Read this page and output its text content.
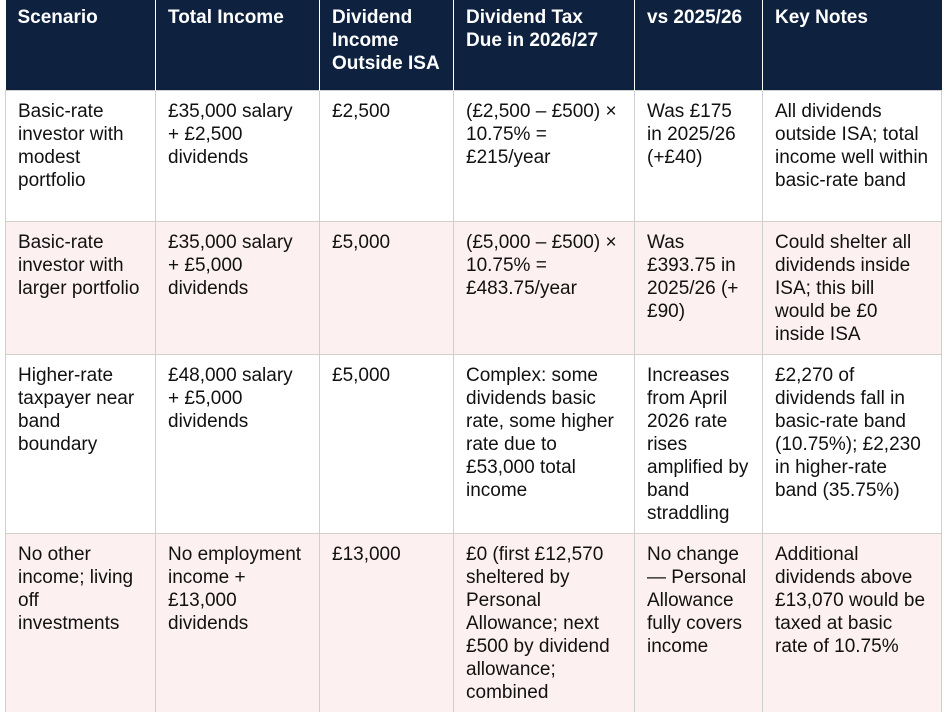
Scenario	Total Income	Dividend Income Outside ISA	Dividend Tax Due in 2026/27	vs 2025/26	Key Notes
Basic-rate investor with modest portfolio	£35,000 salary + £2,500 dividends	£2,500	(£2,500 – £500) × 10.75% = £215/year	Was £175 in 2025/26 (+£40)	All dividends outside ISA; total income well within basic-rate band
Basic-rate investor with larger portfolio	£35,000 salary + £5,000 dividends	£5,000	(£5,000 – £500) × 10.75% = £483.75/year	Was £393.75 in 2025/26 (+£90)	Could shelter all dividends inside ISA; this bill would be £0 inside ISA
Higher-rate taxpayer near band boundary	£48,000 salary + £5,000 dividends	£5,000	Complex: some dividends basic rate, some higher rate due to £53,000 total income	Increases from April 2026 rate rises amplified by band straddling	£2,270 of dividends fall in basic-rate band (10.75%); £2,230 in higher-rate band (35.75%)
No other income; living off investments	No employment income + £13,000 dividends	£13,000	£0 (first £12,570 sheltered by Personal Allowance; next £500 by dividend allowance; combined	No change — Personal Allowance fully covers income	Additional dividends above £13,070 would be taxed at basic rate of 10.75%
